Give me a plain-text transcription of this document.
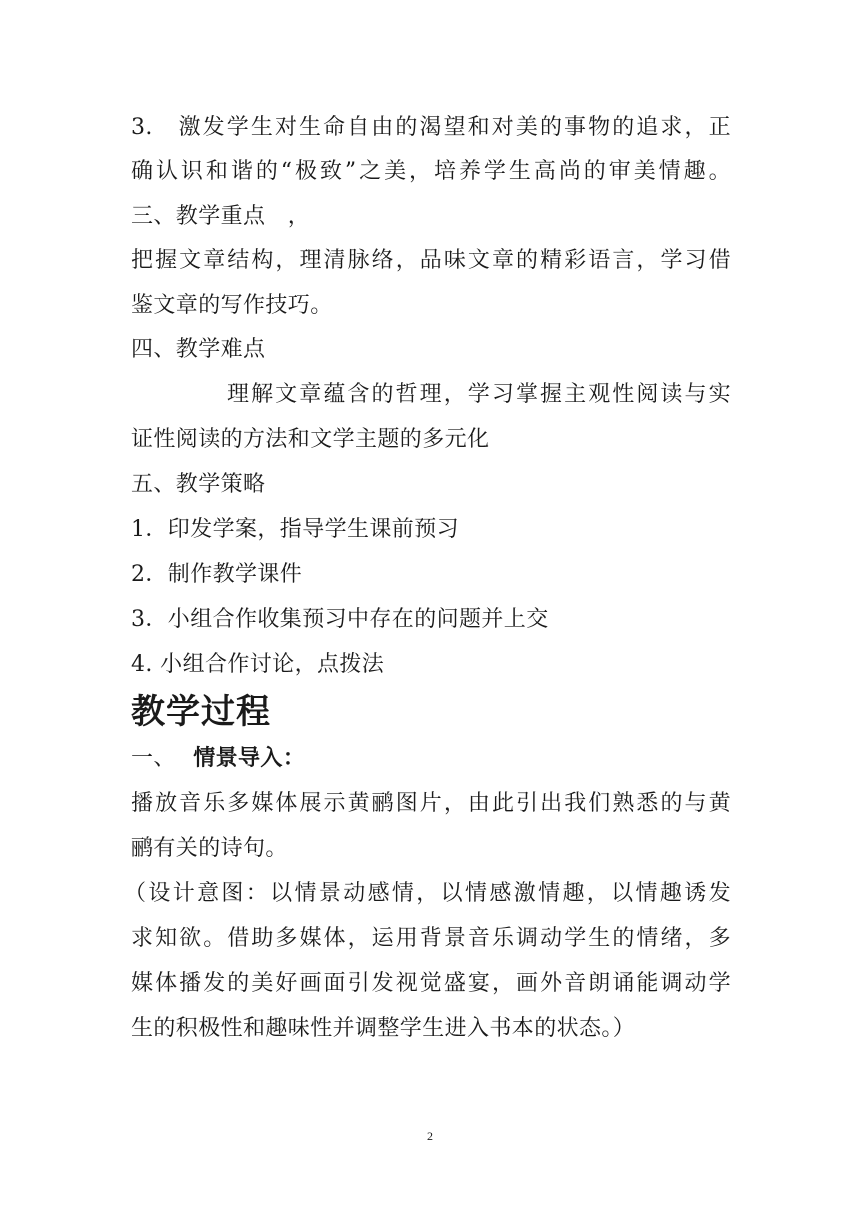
3.　激发学生对生命自由的渴望和对美的事物的追求，正
确认识和谐的“极致”之美，培养学生高尚的审美情趣。
三、教学重点　，
把握文章结构，理清脉络，品味文章的精彩语言，学习借
鉴文章的写作技巧。
四、教学难点
理解文章蕴含的哲理，学习掌握主观性阅读与实
证性阅读的方法和文学主题的多元化
五、教学策略
1．印发学案，指导学生课前预习
2．制作教学课件
3．小组合作收集预习中存在的问题并上交
4. 小组合作讨论，点拨法
教学过程
一、 情景导入：
播放音乐多媒体展示黄鹂图片，由此引出我们熟悉的与黄
鹂有关的诗句。
（设计意图：以情景动感情，以情感激情趣，以情趣诱发
求知欲。借助多媒体，运用背景音乐调动学生的情绪，多
媒体播发的美好画面引发视觉盛宴，画外音朗诵能调动学
生的积极性和趣味性并调整学生进入书本的状态。）
2
